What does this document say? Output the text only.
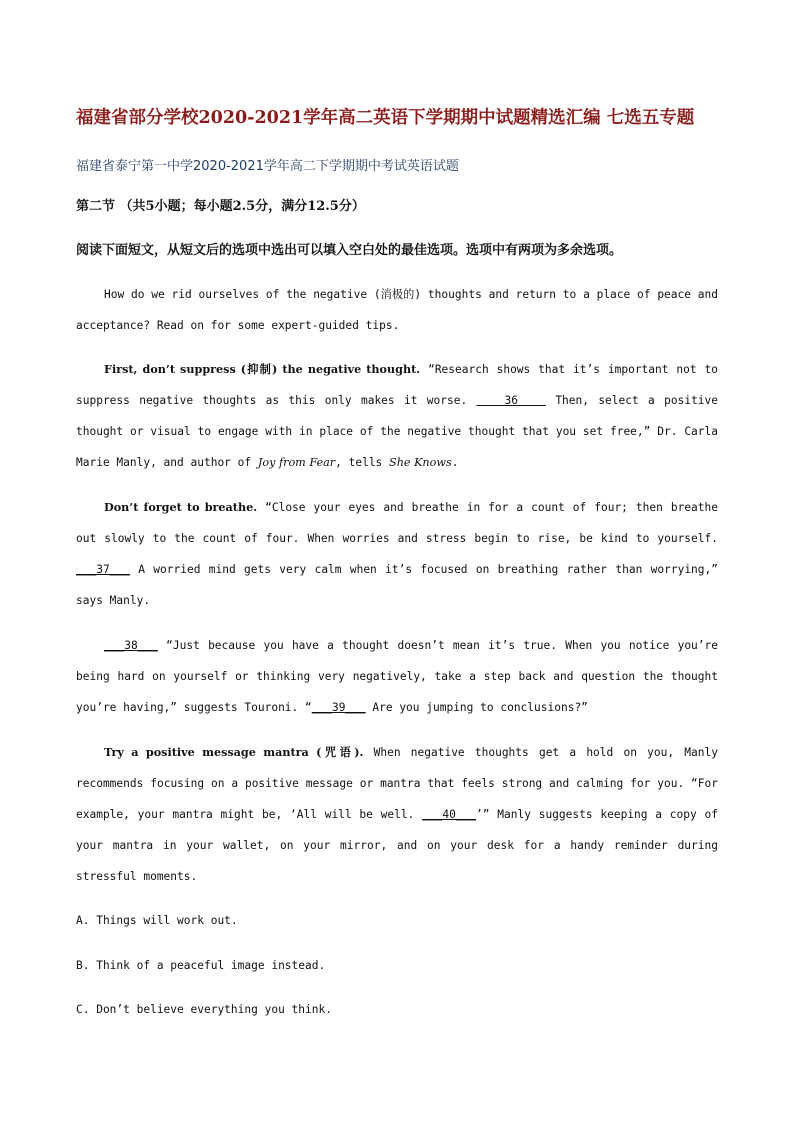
福建省部分学校2020-2021学年高二英语下学期期中试题精选汇编 七选五专题
福建省泰宁第一中学2020-2021学年高二下学期期中考试英语试题
第二节 （共5小题；每小题2.5分，满分12.5分）
阅读下面短文，从短文后的选项中选出可以填入空白处的最佳选项。选项中有两项为多余选项。
How do we rid ourselves of the negative (消极的) thoughts and return to a place of peace and acceptance? Read on for some expert-guided tips.
First, don’t suppress (抑制) the negative thought. “Research shows that it’s important not to suppress negative thoughts as this only makes it worse.    36    Then, select a positive thought or visual to engage with in place of the negative thought that you set free,” Dr. Carla Marie Manly, and author of Joy from Fear, tells She Knows.
Don’t forget to breathe. “Close your eyes and breathe in for a count of four; then breathe out slowly to the count of four. When worries and stress begin to rise, be kind to yourself. ___37___ A worried mind gets very calm when it’s focused on breathing rather than worrying,” says Manly.
___38___ “Just because you have a thought doesn’t mean it’s true. When you notice you’re being hard on yourself or thinking very negatively, take a step back and question the thought you’re having,” suggests Touroni. “___39___ Are you jumping to conclusions?”
Try a positive message mantra (咒语). When negative thoughts get a hold on you, Manly recommends focusing on a positive message or mantra that feels strong and calming for you. “For example, your mantra might be, ‘All will be well. ___40___’” Manly suggests keeping a copy of your mantra in your wallet, on your mirror, and on your desk for a handy reminder during stressful moments.
A. Things will work out.
B. Think of a peaceful image instead.
C. Don’t believe everything you think.
